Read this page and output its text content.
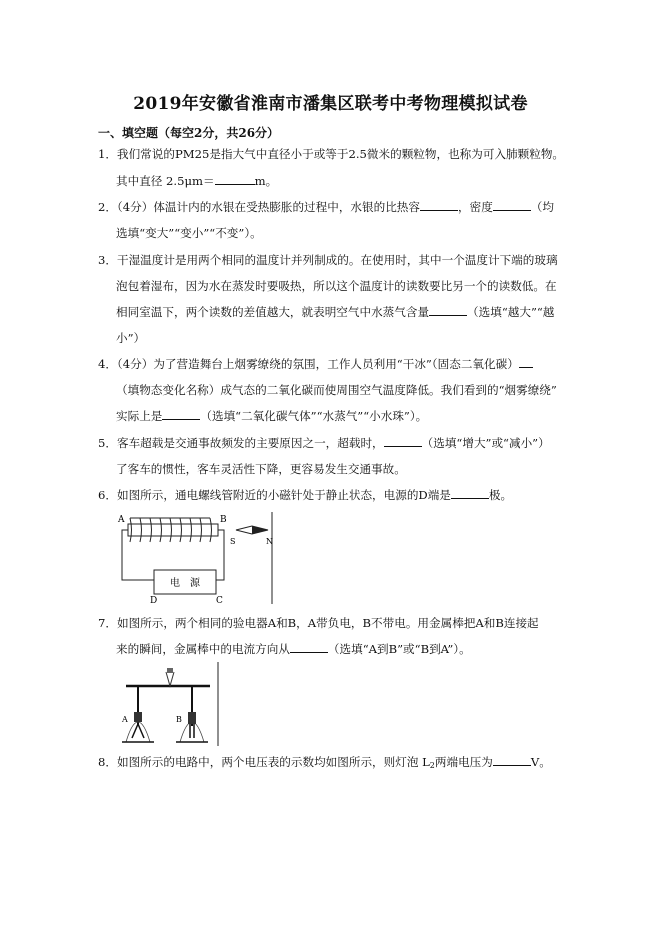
2019年安徽省淮南市潘集区联考中考物理模拟试卷
一、填空题（每空2分，共26分）
1．我们常说的PM25是指大气中直径小于或等于2.5微米的颗粒物，也称为可入肺颗粒物。
其中直径 2.5μm＝	m。
2．（4分）体温计内的水银在受热膨胀的过程中，水银的比热容	，密度	（均
选填“变大”“变小”“不变”）。
3．干湿温度计是用两个相同的温度计并列制成的。在使用时，其中一个温度计下端的玻璃
泡包着湿布，因为水在蒸发时要吸热，所以这个温度计的读数要比另一个的读数低。在
相同室温下，两个读数的差值越大，就表明空气中水蒸气含量	（选填“越大”“越
小”）
4．（4分）为了营造舞台上烟雾缭绕的氛围，工作人员利用“干冰”（固态二氧化碳）
（填物态变化名称）成气态的二氧化碳而使周围空气温度降低。我们看到的“烟雾缭绕”
实际上是	（选填“二氧化碳气体”“水蒸气”“小水珠”）。
5．客车超载是交通事故频发的主要原因之一，超载时，	（选填“增大”或“减小”）
了客车的惯性，客车灵活性下降，更容易发生交通事故。
6．如图所示，通电螺线管附近的小磁针处于静止状态，电源的D端是	极。
电　源
A	B
D	C
S	N
7．如图所示，两个相同的验电器A和B，A带负电，B不带电。用金属棒把A和B连接起
来的瞬间，金属棒中的电流方向从	（选填“A到B”或“B到A”）。
A	B
8．如图所示的电路中，两个电压表的示数均如图所示，则灯泡 $L_2$两端电压为	V。
